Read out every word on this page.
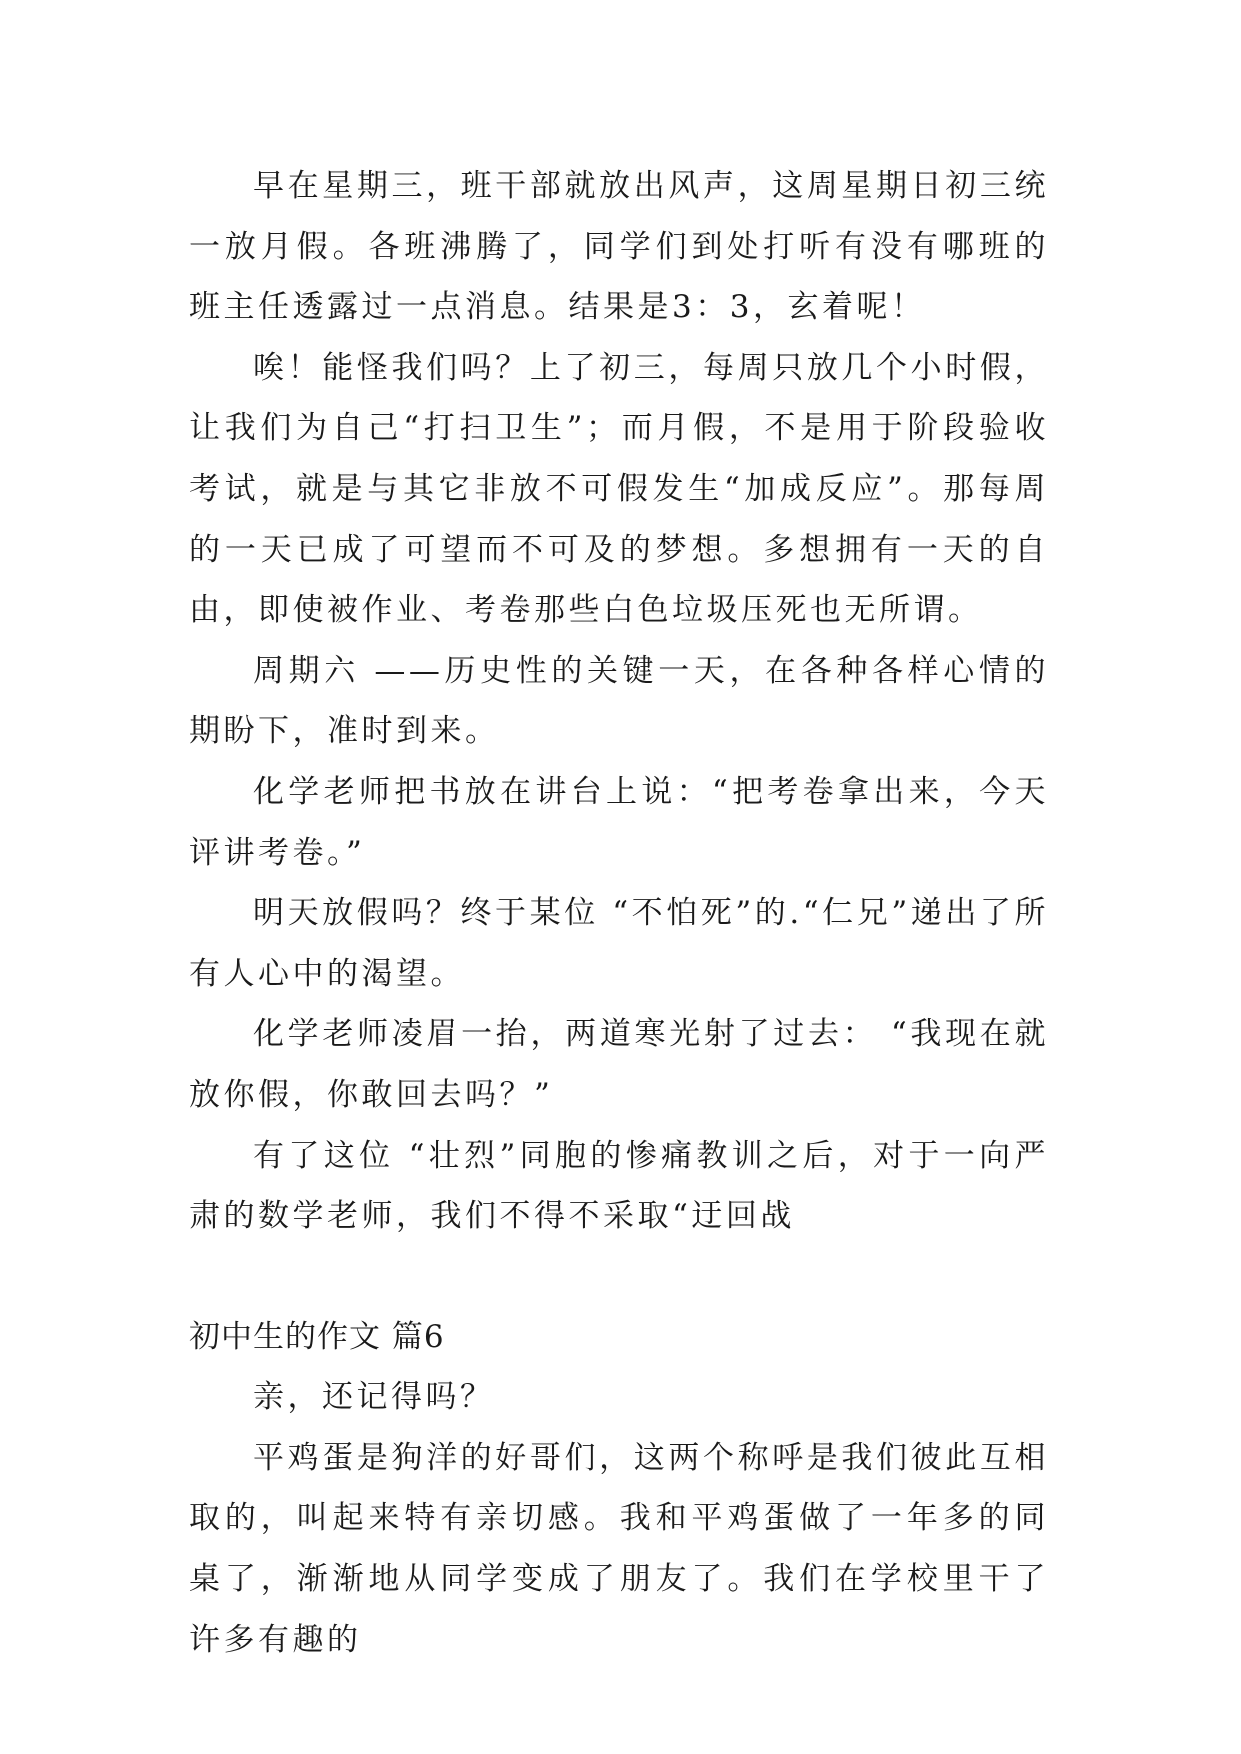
早在星期三，班干部就放出风声，这周星期日初三统一放月假。各班沸腾了，同学们到处打听有没有哪班的班主任透露过一点消息。结果是3：3，玄着呢！

唉！能怪我们吗？上了初三，每周只放几个小时假，让我们为自己“打扫卫生”；而月假，不是用于阶段验收考试，就是与其它非放不可假发生“加成反应”。那每周的一天已成了可望而不可及的梦想。多想拥有一天的自由，即使被作业、考卷那些白色垃圾压死也无所谓。

周期六 ——历史性的关键一天，在各种各样心情的期盼下，准时到来。

化学老师把书放在讲台上说：“把考卷拿出来，今天评讲考卷。”

明天放假吗？终于某位 “不怕死”的.“仁兄”递出了所有人心中的渴望。

化学老师凌眉一抬，两道寒光射了过去： “我现在就放你假，你敢回去吗？”

有了这位 “壮烈”同胞的惨痛教训之后，对于一向严肃的数学老师，我们不得不采取“迂回战

初中生的作文 篇6

亲，还记得吗？

平鸡蛋是狗洋的好哥们，这两个称呼是我们彼此互相取的，叫起来特有亲切感。我和平鸡蛋做了一年多的同桌了，渐渐地从同学变成了朋友了。我们在学校里干了许多有趣的
